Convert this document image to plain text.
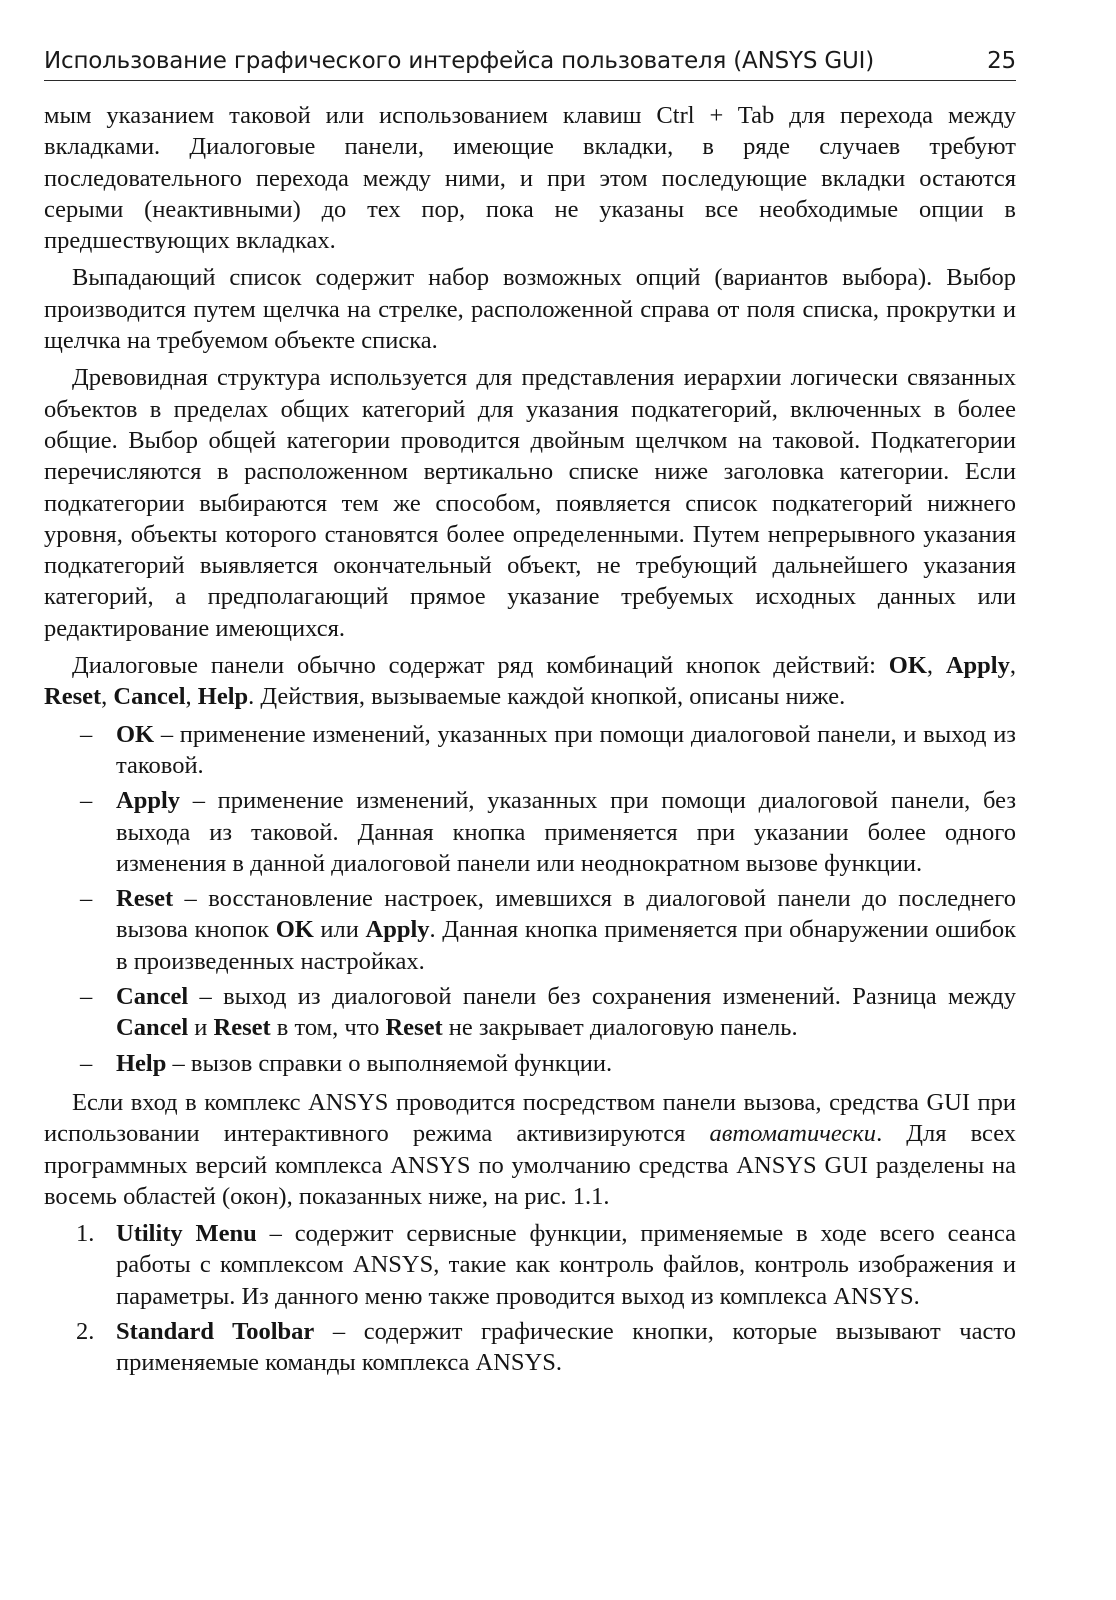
Использование графического интерфейса пользователя (ANSYS GUI)	25

мым указанием таковой или использованием клавиш Ctrl + Tab для перехода между вкладками. Диалоговые панели, имеющие вкладки, в ряде случаев требуют последовательного перехода между ними, и при этом последующие вкладки остаются серыми (неактивными) до тех пор, пока не указаны все необходимые опции в предшествующих вкладках.

Выпадающий список содержит набор возможных опций (вариантов выбора). Выбор производится путем щелчка на стрелке, расположенной справа от поля списка, прокрутки и щелчка на требуемом объекте списка.

Древовидная структура используется для представления иерархии логически связанных объектов в пределах общих категорий для указания подкатегорий, включенных в более общие. Выбор общей категории проводится двойным щелчком на таковой. Подкатегории перечисляются в расположенном вертикально списке ниже заголовка категории. Если подкатегории выбираются тем же способом, появляется список подкатегорий нижнего уровня, объекты которого становятся более определенными. Путем непрерывного указания подкатегорий выявляется окончательный объект, не требующий дальнейшего указания категорий, а предполагающий прямое указание требуемых исходных данных или редактирование имеющихся.

Диалоговые панели обычно содержат ряд комбинаций кнопок действий: OK, Apply, Reset, Cancel, Help. Действия, вызываемые каждой кнопкой, описаны ниже.

– OK – применение изменений, указанных при помощи диалоговой панели, и выход из таковой.
– Apply – применение изменений, указанных при помощи диалоговой панели, без выхода из таковой. Данная кнопка применяется при указании более одного изменения в данной диалоговой панели или неоднократном вызове функции.
– Reset – восстановление настроек, имевшихся в диалоговой панели до последнего вызова кнопок OK или Apply. Данная кнопка применяется при обнаружении ошибок в произведенных настройках.
– Cancel – выход из диалоговой панели без сохранения изменений. Разница между Cancel и Reset в том, что Reset не закрывает диалоговую панель.
– Help – вызов справки о выполняемой функции.

Если вход в комплекс ANSYS проводится посредством панели вызова, средства GUI при использовании интерактивного режима активизируются автоматически. Для всех программных версий комплекса ANSYS по умолчанию средства ANSYS GUI разделены на восемь областей (окон), показанных ниже, на рис. 1.1.

1. Utility Menu – содержит сервисные функции, применяемые в ходе всего сеанса работы с комплексом ANSYS, такие как контроль файлов, контроль изображения и параметры. Из данного меню также проводится выход из комплекса ANSYS.
2. Standard Toolbar – содержит графические кнопки, которые вызывают часто применяемые команды комплекса ANSYS.
